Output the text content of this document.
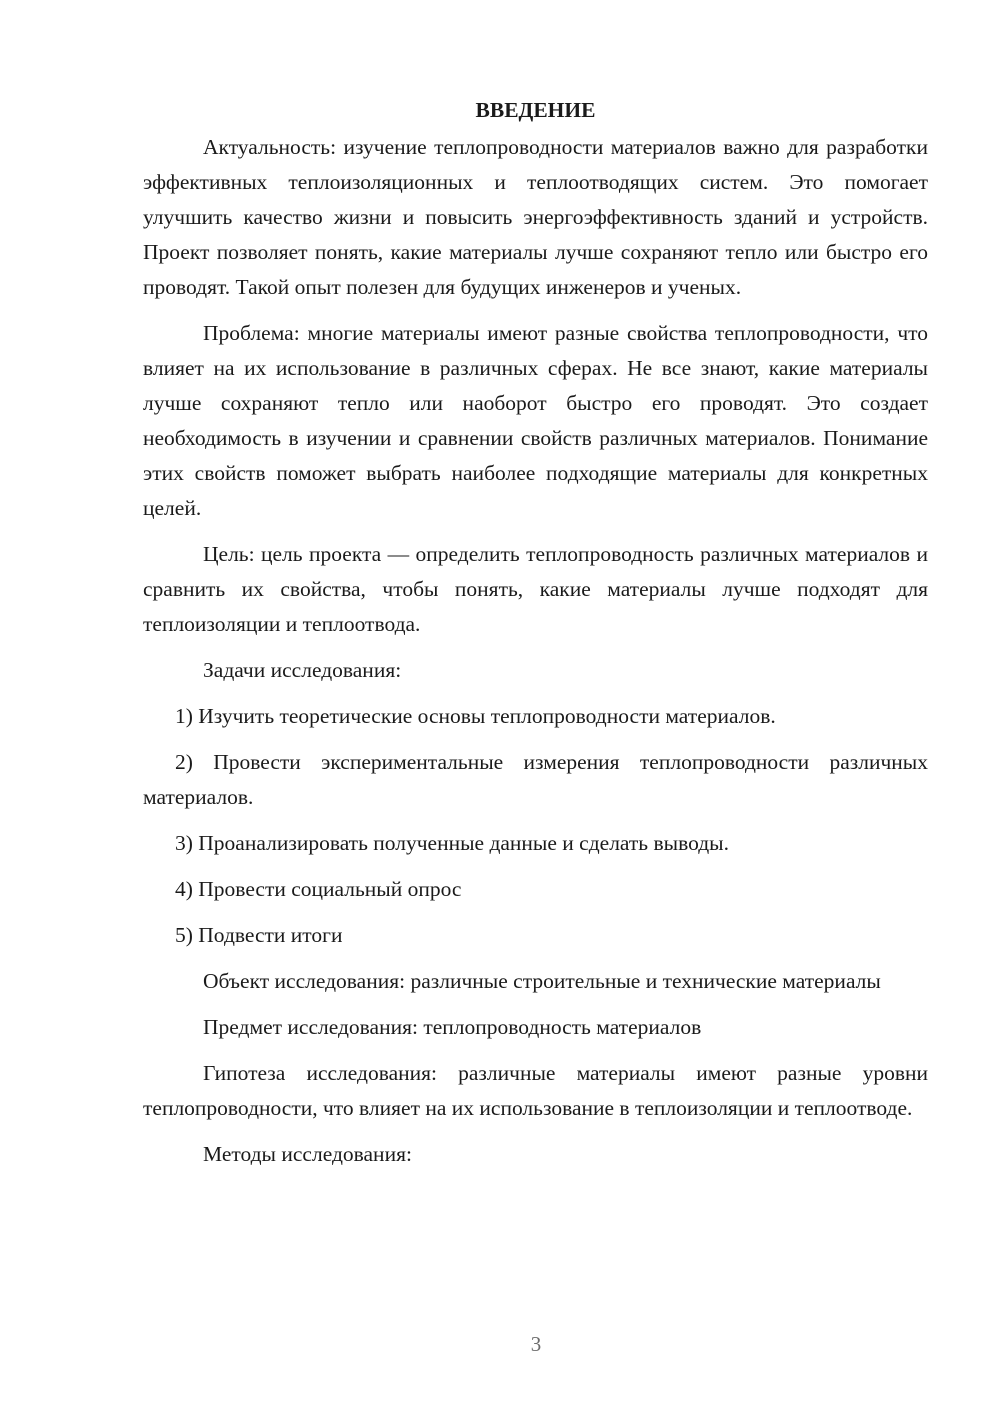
ВВЕДЕНИЕ

Актуальность: изучение теплопроводности материалов важно для разработки эффективных теплоизоляционных и теплоотводящих систем. Это помогает улучшить качество жизни и повысить энергоэффективность зданий и устройств. Проект позволяет понять, какие материалы лучше сохраняют тепло или быстро его проводят. Такой опыт полезен для будущих инженеров и ученых.

Проблема: многие материалы имеют разные свойства теплопроводности, что влияет на их использование в различных сферах. Не все знают, какие материалы лучше сохраняют тепло или наоборот быстро его проводят. Это создает необходимость в изучении и сравнении свойств различных материалов. Понимание этих свойств поможет выбрать наиболее подходящие материалы для конкретных целей.

Цель: цель проекта — определить теплопроводность различных материалов и сравнить их свойства, чтобы понять, какие материалы лучше подходят для теплоизоляции и теплоотвода.

Задачи исследования:

1) Изучить теоретические основы теплопроводности материалов.

2) Провести экспериментальные измерения теплопроводности различных материалов.

3) Проанализировать полученные данные и сделать выводы.

4) Провести социальный опрос

5) Подвести итоги

Объект исследования: различные строительные и технические материалы

Предмет исследования: теплопроводность материалов

Гипотеза исследования: различные материалы имеют разные уровни теплопроводности, что влияет на их использование в теплоизоляции и теплоотводе.

Методы исследования:

3
